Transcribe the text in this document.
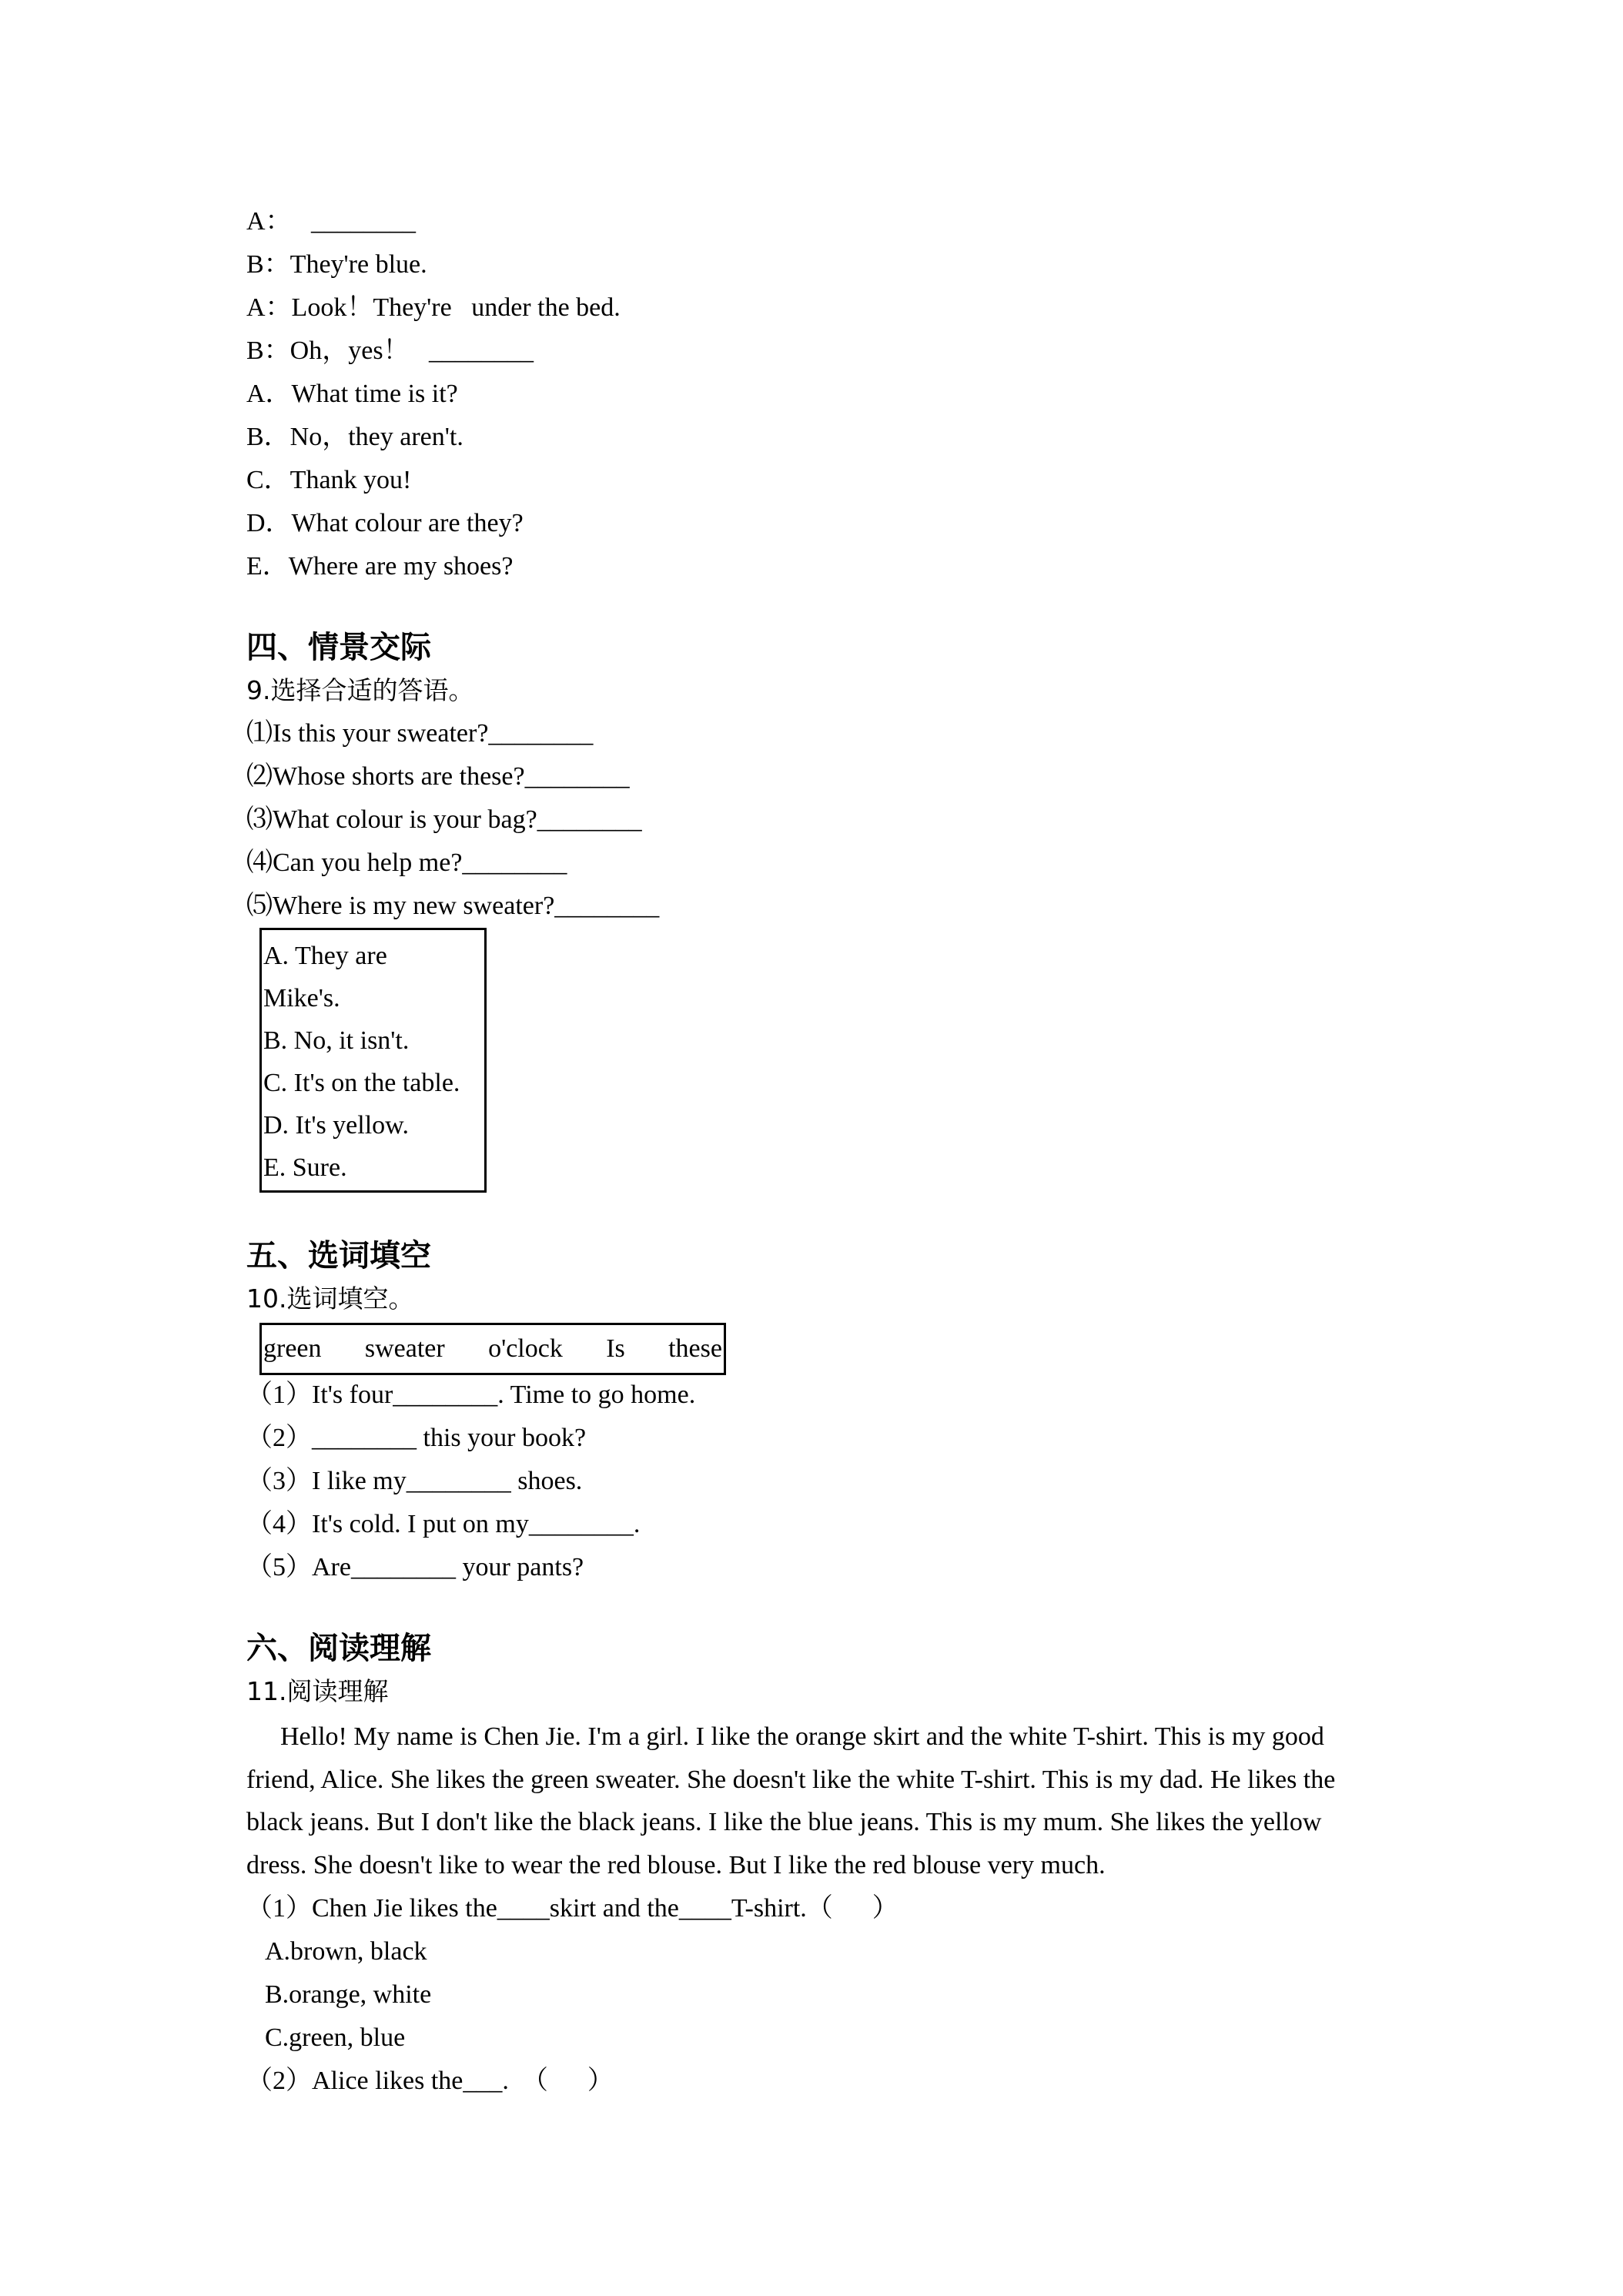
A：   ________
B：They're blue.
A：Look！They're   under the bed.
B：Oh，yes！   ________
A．What time is it?
B．No，they aren't.
C．Thank you!
D．What colour are they?
E．Where are my shoes?
四、情景交际
9.选择合适的答语。
⑴Is this your sweater?________
⑵Whose shorts are these?________
⑶What colour is your bag?________
⑷Can you help me?________
⑸Where is my new sweater?________
A. They are
Mike's.
B. No, it isn't.
C. It's on the table.
D. It's yellow.
E. Sure.
五、选词填空
10.选词填空。
green sweater o'clock Is these
（1）It's four________. Time to go home.
（2）________ this your book?
（3）I like my________ shoes.
（4）It's cold. I put on my________.
（5）Are________ your pants?
六、阅读理解
11.阅读理解
Hello! My name is Chen Jie. I'm a girl. I like the orange skirt and the white T-shirt. This is my good friend, Alice. She likes the green sweater. She doesn't like the white T-shirt. This is my dad. He likes the black jeans. But I don't like the black jeans. I like the blue jeans. This is my mum. She likes the yellow dress. She doesn't like to wear the red blouse. But I like the red blouse very much.
（1）Chen Jie likes the____skirt and the____T-shirt.（      ）
A.brown, black
B.orange, white
C.green, blue
（2）Alice likes the___.  （      ）
